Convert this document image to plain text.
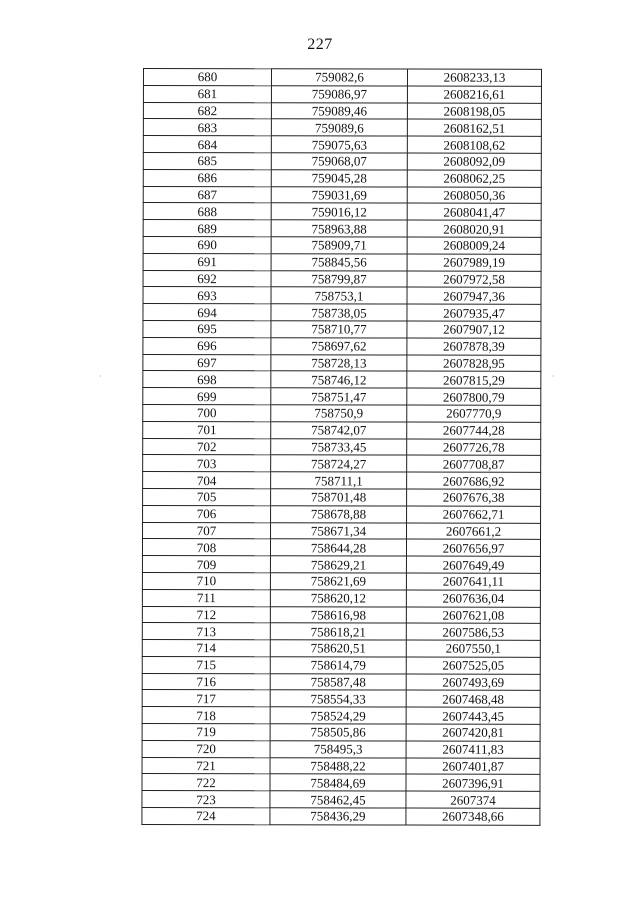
227
680	759082,6	2608233,13
681	759086,97	2608216,61
682	759089,46	2608198,05
683	759089,6	2608162,51
684	759075,63	2608108,62
685	759068,07	2608092,09
686	759045,28	2608062,25
687	759031,69	2608050,36
688	759016,12	2608041,47
689	758963,88	2608020,91
690	758909,71	2608009,24
691	758845,56	2607989,19
692	758799,87	2607972,58
693	758753,1	2607947,36
694	758738,05	2607935,47
695	758710,77	2607907,12
696	758697,62	2607878,39
697	758728,13	2607828,95
698	758746,12	2607815,29
699	758751,47	2607800,79
700	758750,9	2607770,9
701	758742,07	2607744,28
702	758733,45	2607726,78
703	758724,27	2607708,87
704	758711,1	2607686,92
705	758701,48	2607676,38
706	758678,88	2607662,71
707	758671,34	2607661,2
708	758644,28	2607656,97
709	758629,21	2607649,49
710	758621,69	2607641,11
711	758620,12	2607636,04
712	758616,98	2607621,08
713	758618,21	2607586,53
714	758620,51	2607550,1
715	758614,79	2607525,05
716	758587,48	2607493,69
717	758554,33	2607468,48
718	758524,29	2607443,45
719	758505,86	2607420,81
720	758495,3	2607411,83
721	758488,22	2607401,87
722	758484,69	2607396,91
723	758462,45	2607374
724	758436,29	2607348,66
·	·
